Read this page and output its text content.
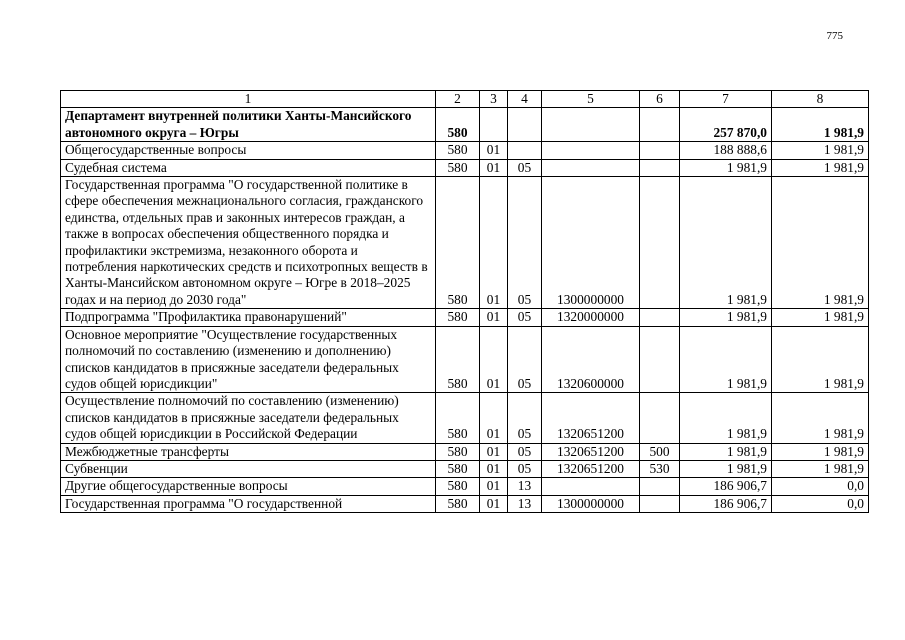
775
1	2	3	4	5	6	7	8
Департамент внутренней политики Ханты-Мансийского автономного округа – Югры	580					257 870,0	1 981,9
Общегосударственные вопросы	580	01				188 888,6	1 981,9
Судебная система	580	01	05			1 981,9	1 981,9
Государственная программа "О государственной политике в сфере обеспечения межнационального согласия, гражданского единства, отдельных прав и законных интересов граждан, а также в вопросах обеспечения общественного порядка и профилактики экстремизма, незаконного оборота и потребления наркотических средств и психотропных веществ в Ханты-Мансийском автономном округе – Югре в 2018–2025 годах и на период до 2030 года"	580	01	05	1300000000		1 981,9	1 981,9
Подпрограмма "Профилактика правонарушений"	580	01	05	1320000000		1 981,9	1 981,9
Основное мероприятие "Осуществление государственных полномочий по составлению (изменению и дополнению) списков кандидатов в присяжные заседатели федеральных судов общей юрисдикции"	580	01	05	1320600000		1 981,9	1 981,9
Осуществление полномочий по составлению (изменению) списков кандидатов в присяжные заседатели федеральных судов общей юрисдикции в Российской Федерации	580	01	05	1320651200		1 981,9	1 981,9
Межбюджетные трансферты	580	01	05	1320651200	500	1 981,9	1 981,9
Субвенции	580	01	05	1320651200	530	1 981,9	1 981,9
Другие общегосударственные вопросы	580	01	13			186 906,7	0,0
Государственная программа "О государственной	580	01	13	1300000000		186 906,7	0,0
